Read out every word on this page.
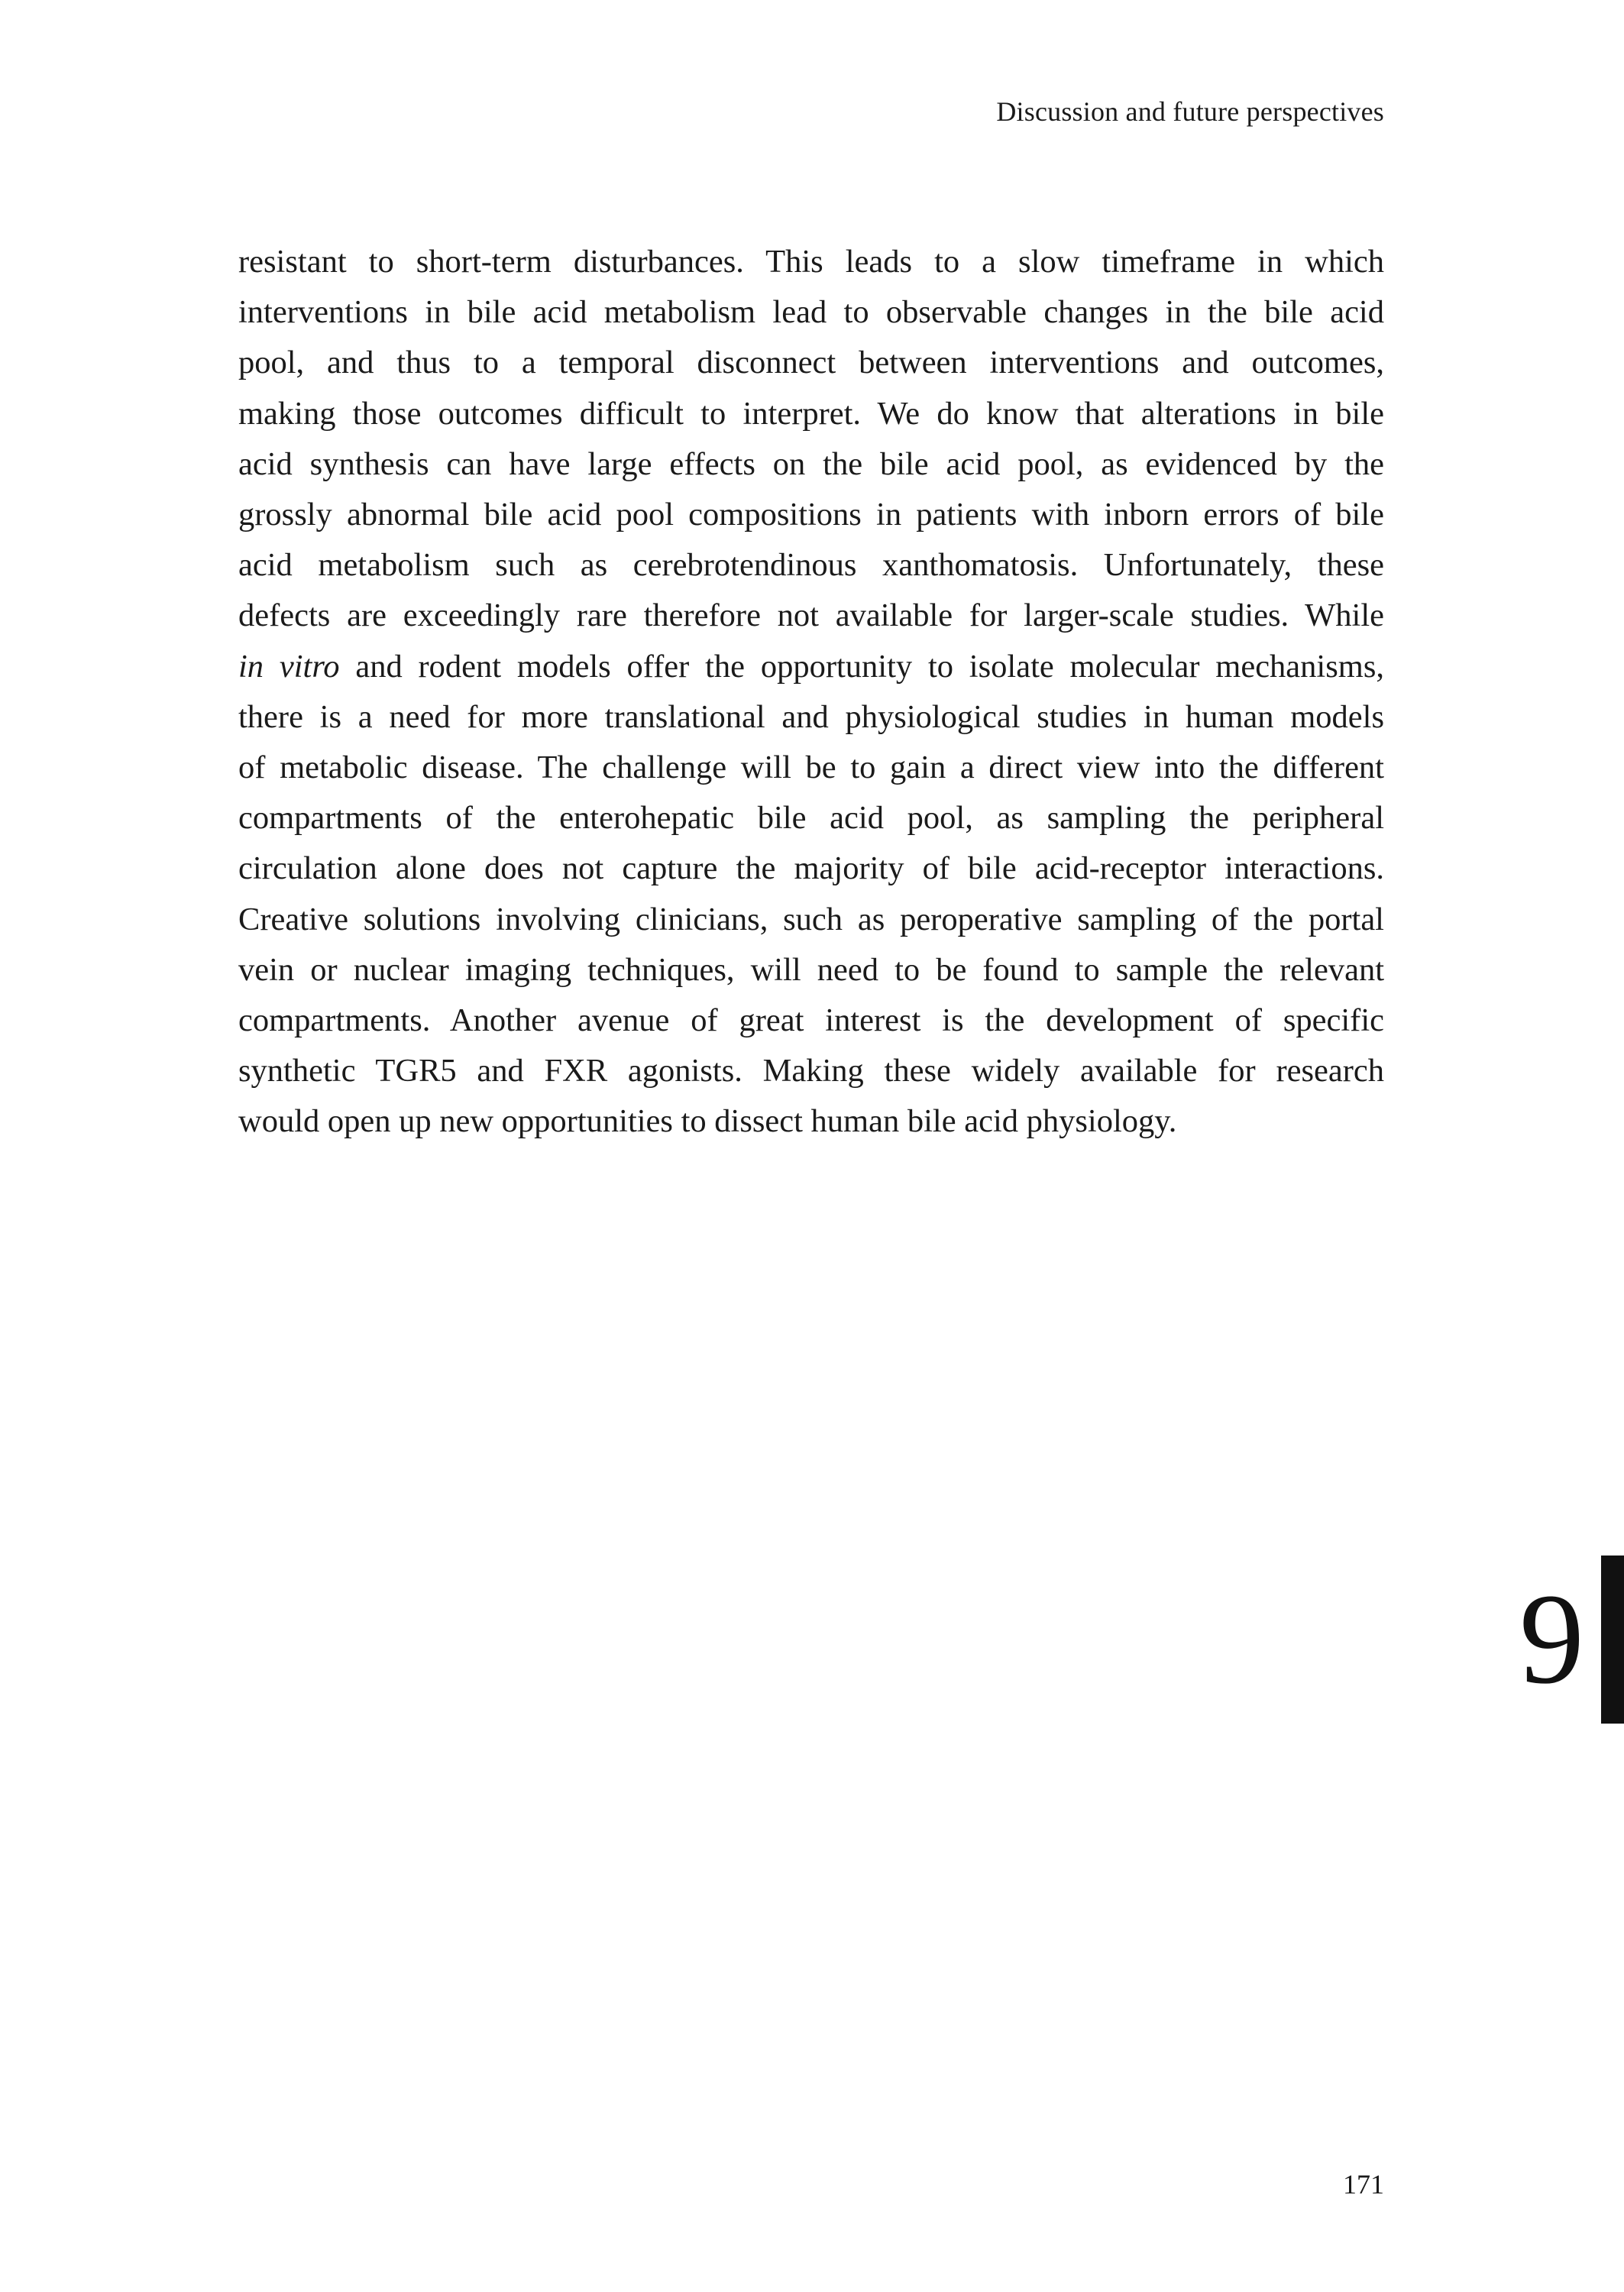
Discussion and future perspectives

resistant to short-term disturbances. This leads to a slow timeframe in which
interventions in bile acid metabolism lead to observable changes in the bile acid
pool, and thus to a temporal disconnect between interventions and outcomes,
making those outcomes difficult to interpret. We do know that alterations in bile
acid synthesis can have large effects on the bile acid pool, as evidenced by the
grossly abnormal bile acid pool compositions in patients with inborn errors of bile
acid metabolism such as cerebrotendinous xanthomatosis. Unfortunately, these
defects are exceedingly rare therefore not available for larger-scale studies. While
in vitro and rodent models offer the opportunity to isolate molecular mechanisms,
there is a need for more translational and physiological studies in human models
of metabolic disease. The challenge will be to gain a direct view into the different
compartments of the enterohepatic bile acid pool, as sampling the peripheral
circulation alone does not capture the majority of bile acid-receptor interactions.
Creative solutions involving clinicians, such as peroperative sampling of the portal
vein or nuclear imaging techniques, will need to be found to sample the relevant
compartments. Another avenue of great interest is the development of specific
synthetic TGR5 and FXR agonists. Making these widely available for research
would open up new opportunities to dissect human bile acid physiology.

9
171
